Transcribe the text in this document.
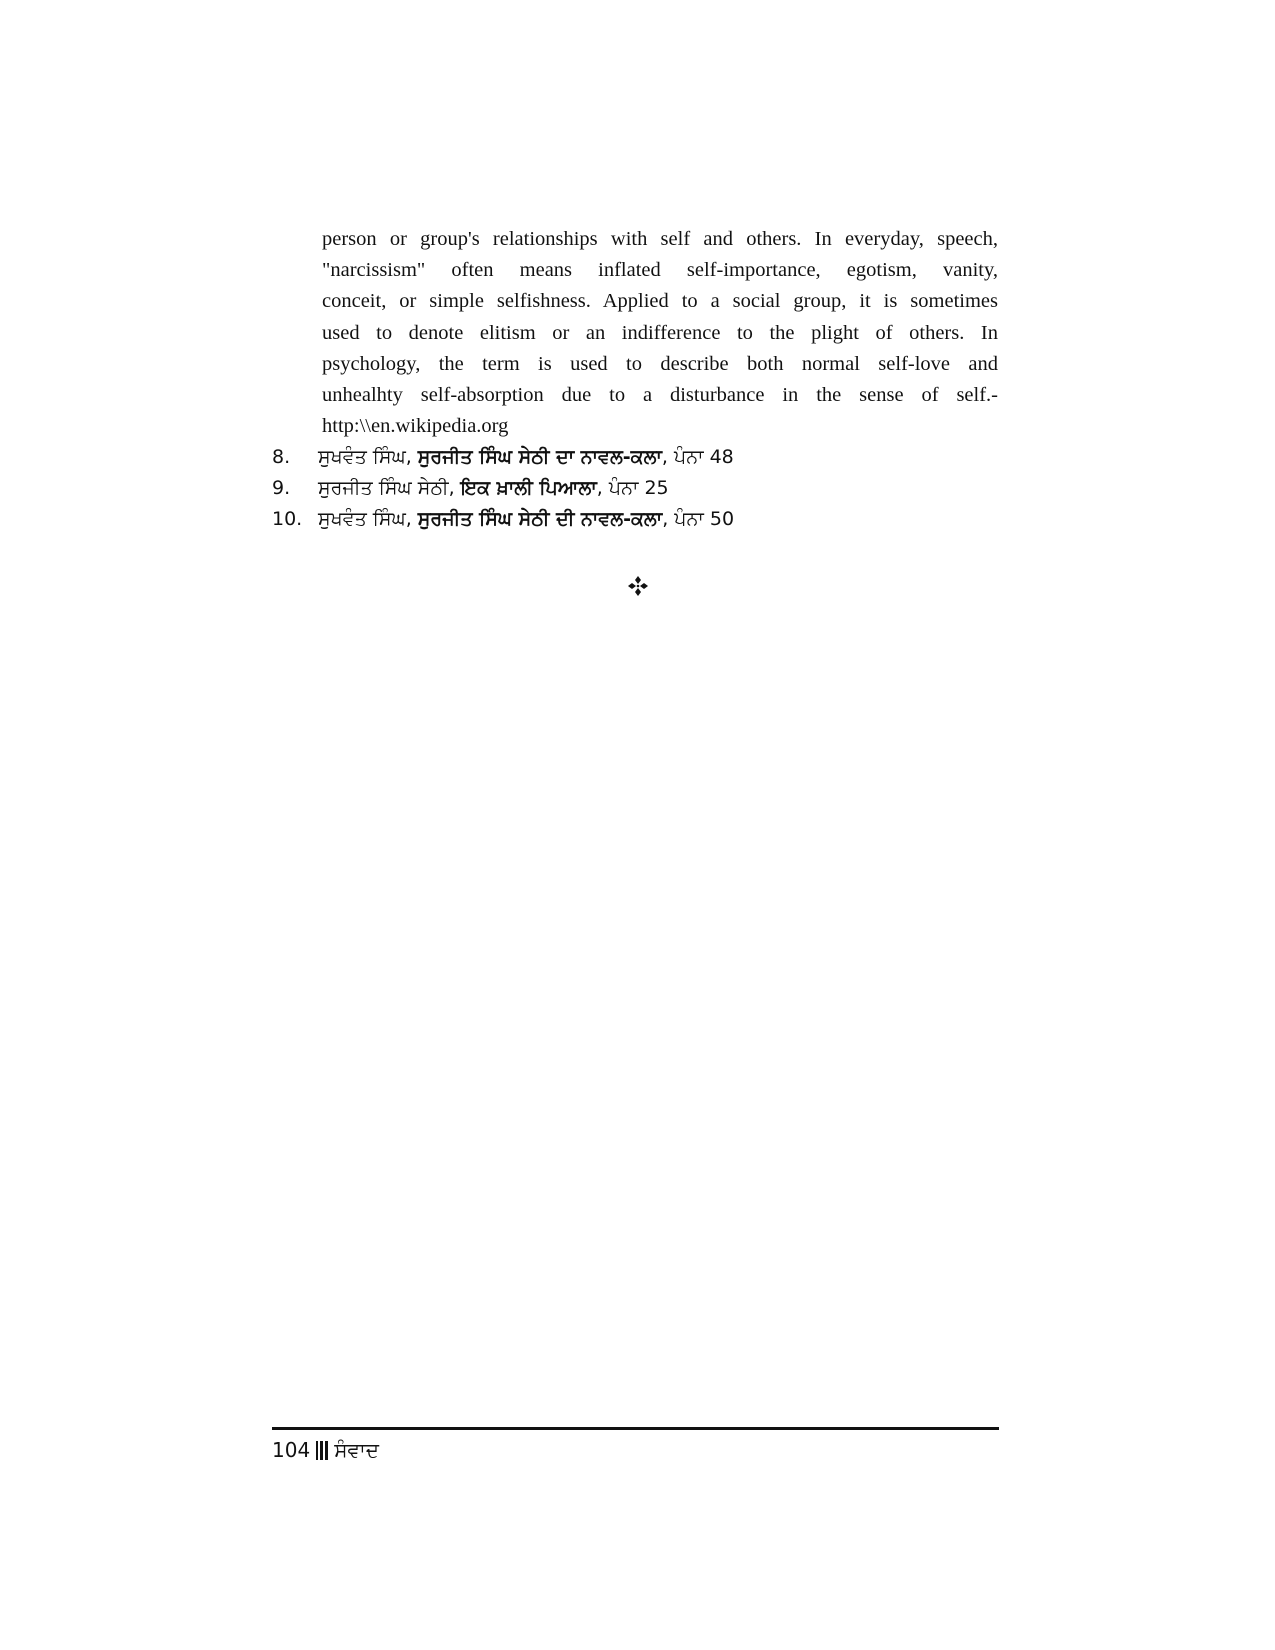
person or group's relationships with self and others. In everyday, speech,
"narcissism" often means inflated self-importance, egotism, vanity,
conceit, or simple selfishness. Applied to a social group, it is sometimes
used to denote elitism or an indifference to the plight of others. In
psychology, the term is used to describe both normal self-love and
unhealhty self-absorption due to a disturbance in the sense of self.-
http:\\en.wikipedia.org

8. ਸੁਖਵੰਤ ਸਿੰਘ, ਸੁਰਜੀਤ ਸਿੰਘ ਸੇਠੀ ਦਾ ਨਾਵਲ-ਕਲਾ, ਪੰਨਾ 48
9. ਸੁਰਜੀਤ ਸਿੰਘ ਸੇਠੀ, ਇਕ ਖ਼ਾਲੀ ਪਿਆਲਾ, ਪੰਨਾ 25
10. ਸੁਖਵੰਤ ਸਿੰਘ, ਸੁਰਜੀਤ ਸਿੰਘ ਸੇਠੀ ਦੀ ਨਾਵਲ-ਕਲਾ, ਪੰਨਾ 50
104 ਸੰਵਾਦ
